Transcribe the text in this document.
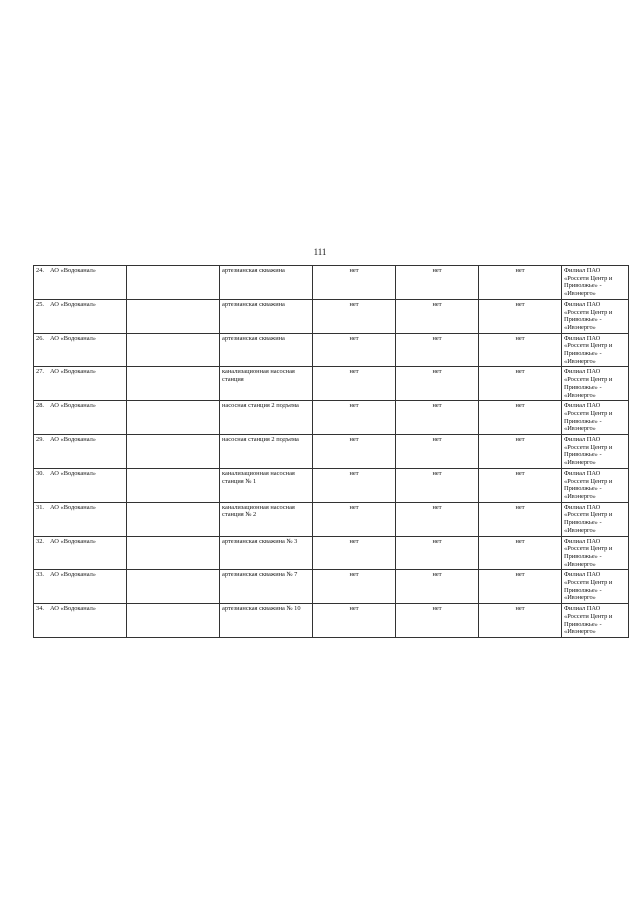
111
24. АО «Водоканал»		артезианская скважина	нет	нет	нет	Филиал ПАО «Россети Центр и Приволжье» - «Ивэнерго»
25. АО «Водоканал»		артезианская скважина	нет	нет	нет	Филиал ПАО «Россети Центр и Приволжье» - «Ивэнерго»
26. АО «Водоканал»		артезианская скважина	нет	нет	нет	Филиал ПАО «Россети Центр и Приволжье» - «Ивэнерго»
27. АО «Водоканал»		канализационная насосная станция	нет	нет	нет	Филиал ПАО «Россети Центр и Приволжье» - «Ивэнерго»
28. АО «Водоканал»		насосная станция 2 подъема	нет	нет	нет	Филиал ПАО «Россети Центр и Приволжье» - «Ивэнерго»
29. АО «Водоканал»		насосная станция 2 подъема	нет	нет	нет	Филиал ПАО «Россети Центр и Приволжье» - «Ивэнерго»
30. АО «Водоканал»		канализационная насосная станция № 1	нет	нет	нет	Филиал ПАО «Россети Центр и Приволжье» - «Ивэнерго»
31. АО «Водоканал»		канализационная насосная станция № 2	нет	нет	нет	Филиал ПАО «Россети Центр и Приволжье» - «Ивэнерго»
32. АО «Водоканал»		артезианская скважина № 3	нет	нет	нет	Филиал ПАО «Россети Центр и Приволжье» - «Ивэнерго»
33. АО «Водоканал»		артезианская скважина № 7	нет	нет	нет	Филиал ПАО «Россети Центр и Приволжье» - «Ивэнерго»
34. АО «Водоканал»		артезианская скважина № 10	нет	нет	нет	Филиал ПАО «Россети Центр и Приволжье» - «Ивэнерго»
